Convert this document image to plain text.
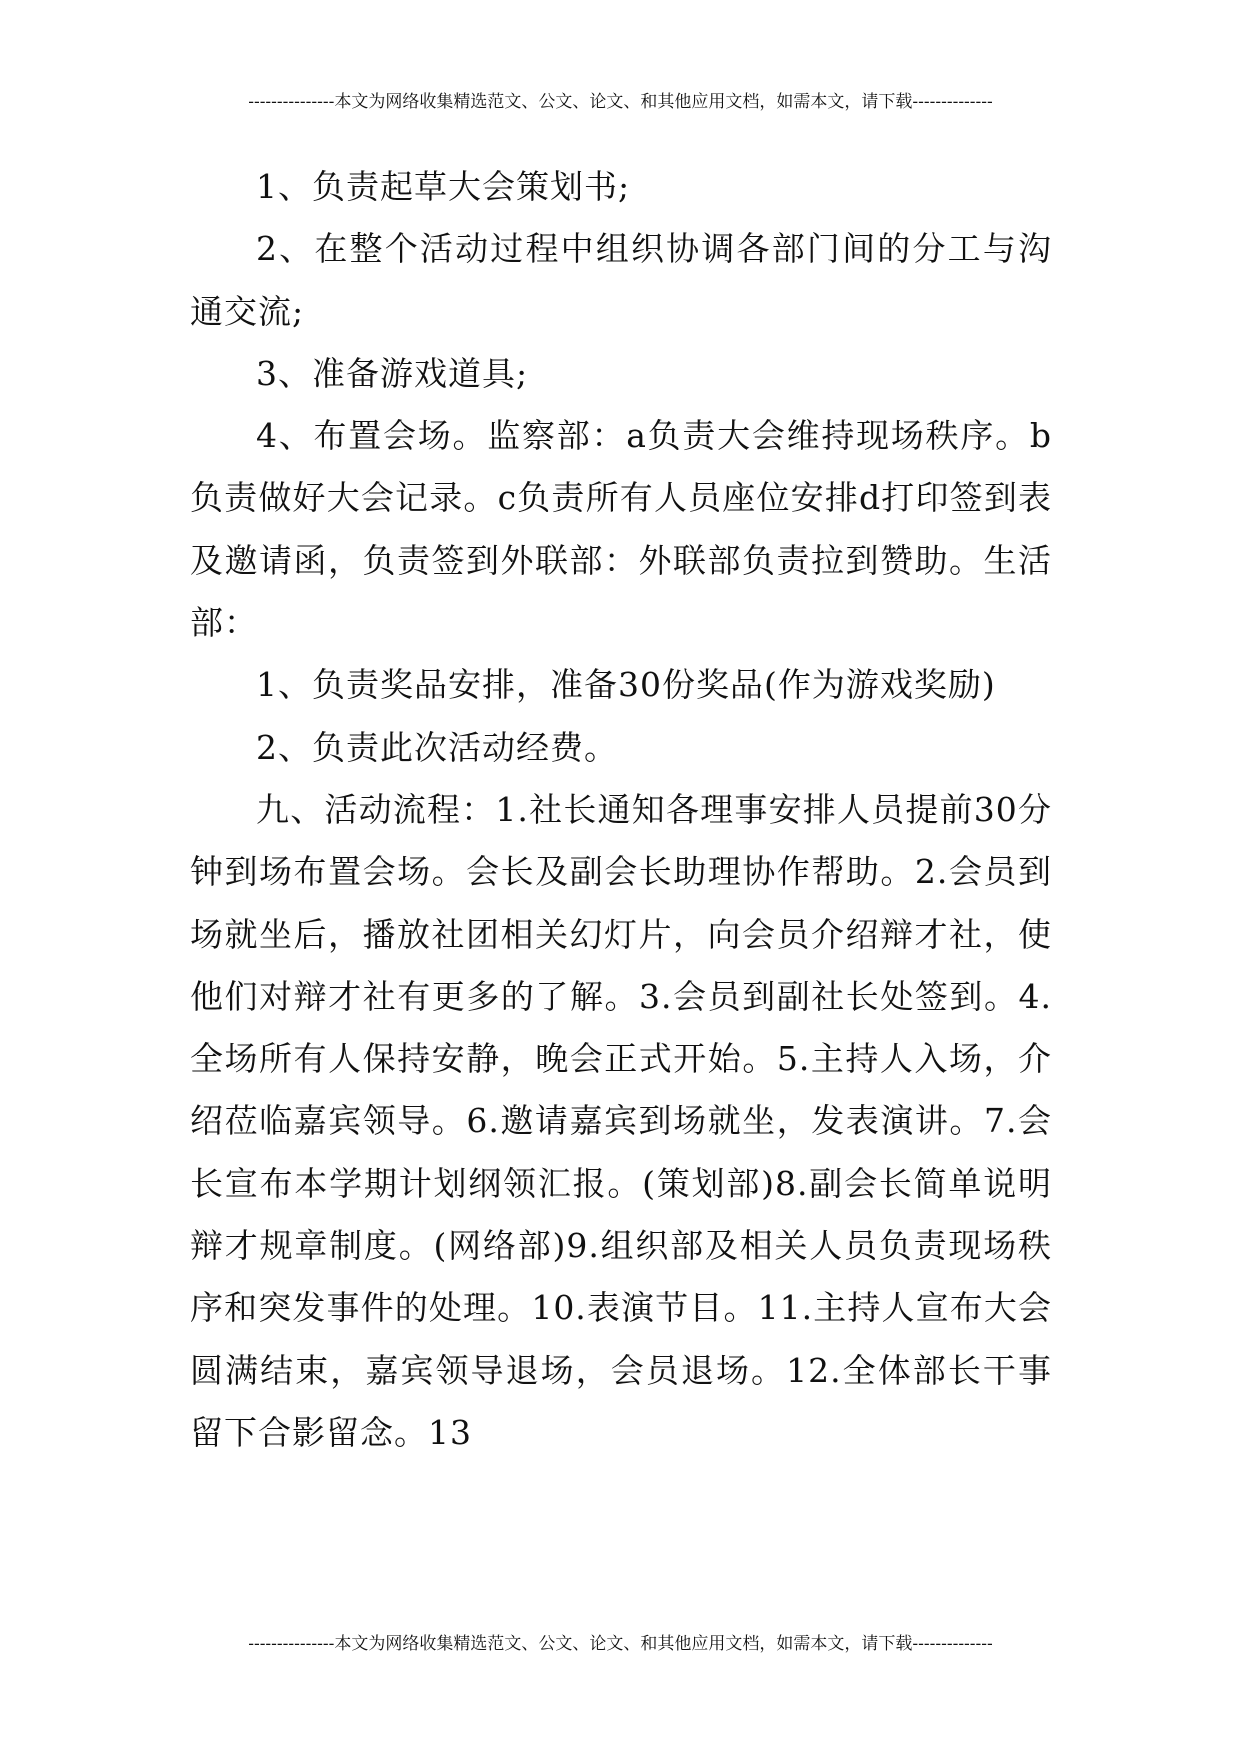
---------------本文为网络收集精选范文、公文、论文、和其他应用文档，如需本文，请下载--------------

1、负责起草大会策划书;

2、在整个活动过程中组织协调各部门间的分工与沟通交流;

3、准备游戏道具;

4、布置会场。监察部：a负责大会维持现场秩序。b负责做好大会记录。c负责所有人员座位安排d打印签到表及邀请函，负责签到外联部：外联部负责拉到赞助。生活部：

1、负责奖品安排，准备30份奖品(作为游戏奖励)

2、负责此次活动经费。

九、活动流程：1.社长通知各理事安排人员提前30分钟到场布置会场。会长及副会长助理协作帮助。2.会员到场就坐后，播放社团相关幻灯片，向会员介绍辩才社，使他们对辩才社有更多的了解。3.会员到副社长处签到。4. 全场所有人保持安静，晚会正式开始。5.主持人入场，介绍莅临嘉宾领导。6.邀请嘉宾到场就坐，发表演讲。7.会长宣布本学期计划纲领汇报。(策划部)8.副会长简单说明辩才规章制度。(网络部)9.组织部及相关人员负责现场秩序和突发事件的处理。10.表演节目。11.主持人宣布大会圆满结束，嘉宾领导退场，会员退场。12.全体部长干事留下合影留念。13

---------------本文为网络收集精选范文、公文、论文、和其他应用文档，如需本文，请下载--------------
